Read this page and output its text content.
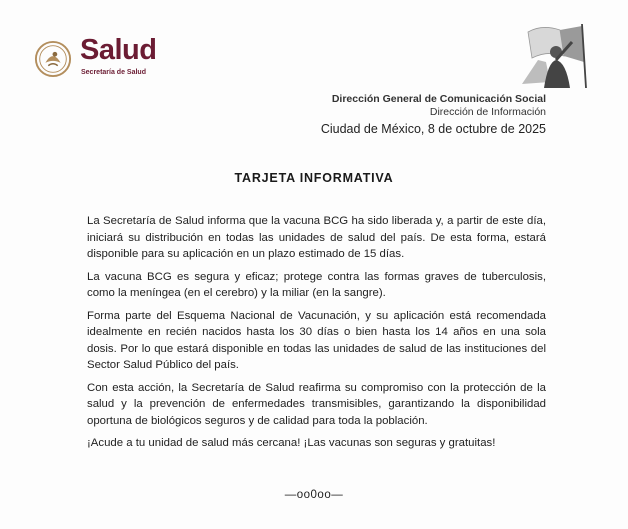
Salud
Secretaría de Salud
Dirección General de Comunicación Social
Dirección de Información
Ciudad de México, 8 de octubre de 2025
TARJETA INFORMATIVA

La Secretaría de Salud informa que la vacuna BCG ha sido liberada y, a partir de este día, iniciará su distribución en todas las unidades de salud del país. De esta forma, estará disponible para su aplicación en un plazo estimado de 15 días.

La vacuna BCG es segura y eficaz; protege contra las formas graves de tuberculosis, como la meníngea (en el cerebro) y la miliar (en la sangre).

Forma parte del Esquema Nacional de Vacunación, y su aplicación está recomendada idealmente en recién nacidos hasta los 30 días o bien hasta los 14 años en una sola dosis. Por lo que estará disponible en todas las unidades de salud de las instituciones del Sector Salud Público del país.

Con esta acción, la Secretaría de Salud reafirma su compromiso con la protección de la salud y la prevención de enfermedades transmisibles, garantizando la disponibilidad oportuna de biológicos seguros y de calidad para toda la población.

¡Acude a tu unidad de salud más cercana! ¡Las vacunas son seguras y gratuitas!

—oo0oo—
